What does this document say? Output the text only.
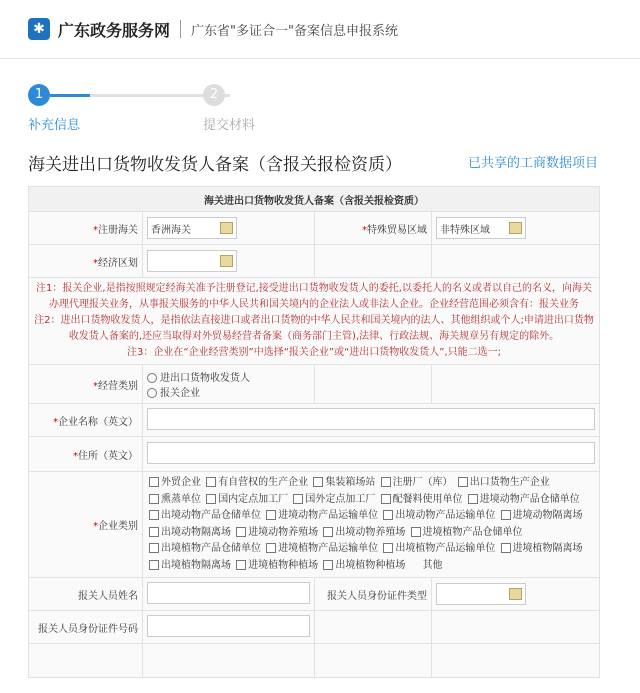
✱ 广东政务服务网 广东省"多证合一"备案信息申报系统
1	2
补充信息	提交材料
海关进出口货物收发货人备案（含报关报检资质）	已共享的工商数据项目
海关进出口货物收发货人备案（含报关报检资质）			
*注册海关	香洲海关	*特殊贸易区域	非特殊区域

*经济区划	

注1：报关企业,是指按照规定经海关准予注册登记,接受进出口货物收发货人的委托,以委托人的名义或者以自己的名义，向海关办理代理报关业务，从事报关服务的中华人民共和国关境内的企业法人或非法人企业。企业经营范围必须含有：报关业务
注2：进出口货物收发货人，是指依法直接进口或者出口货物的中华人民共和国关境内的法人、其他组织或个人;申请进出口货物收发货人备案的,还应当取得对外贸易经营者备案（商务部门主管),法律、行政法规、海关规章另有规定的除外。
注3：企业在“企业经营类别”中选择“报关企业”或“进出口货物收发货人”,只能二选一;			

*经营类别	进出口货物收发货人
报关企业		

*企业名称（英文）			
*住所（英文）			
*企业类别	外贸企业 有自营权的生产企业 集装箱场站 注册厂（库） 出口货物生产企业 熏蒸单位 国内定点加工厂 国外定点加工厂 配餐料使用单位 进境动物产品仓储单位 出境动物产品仓储单位 进境动物产品运输单位 出境动物产品运输单位 进境动物隔离场 出境动物隔离场 进境动物养殖场 出境动物养殖场 进境植物产品仓储单位 出境植物产品仓储单位 进境植物产品运输单位 出境植物产品运输单位 进境植物隔离场 出境植物隔离场 进境植物种植场 出境植物种植场 其他		
报关人员姓名		报关人员身份证件类型	

报关人员身份证件号码			
